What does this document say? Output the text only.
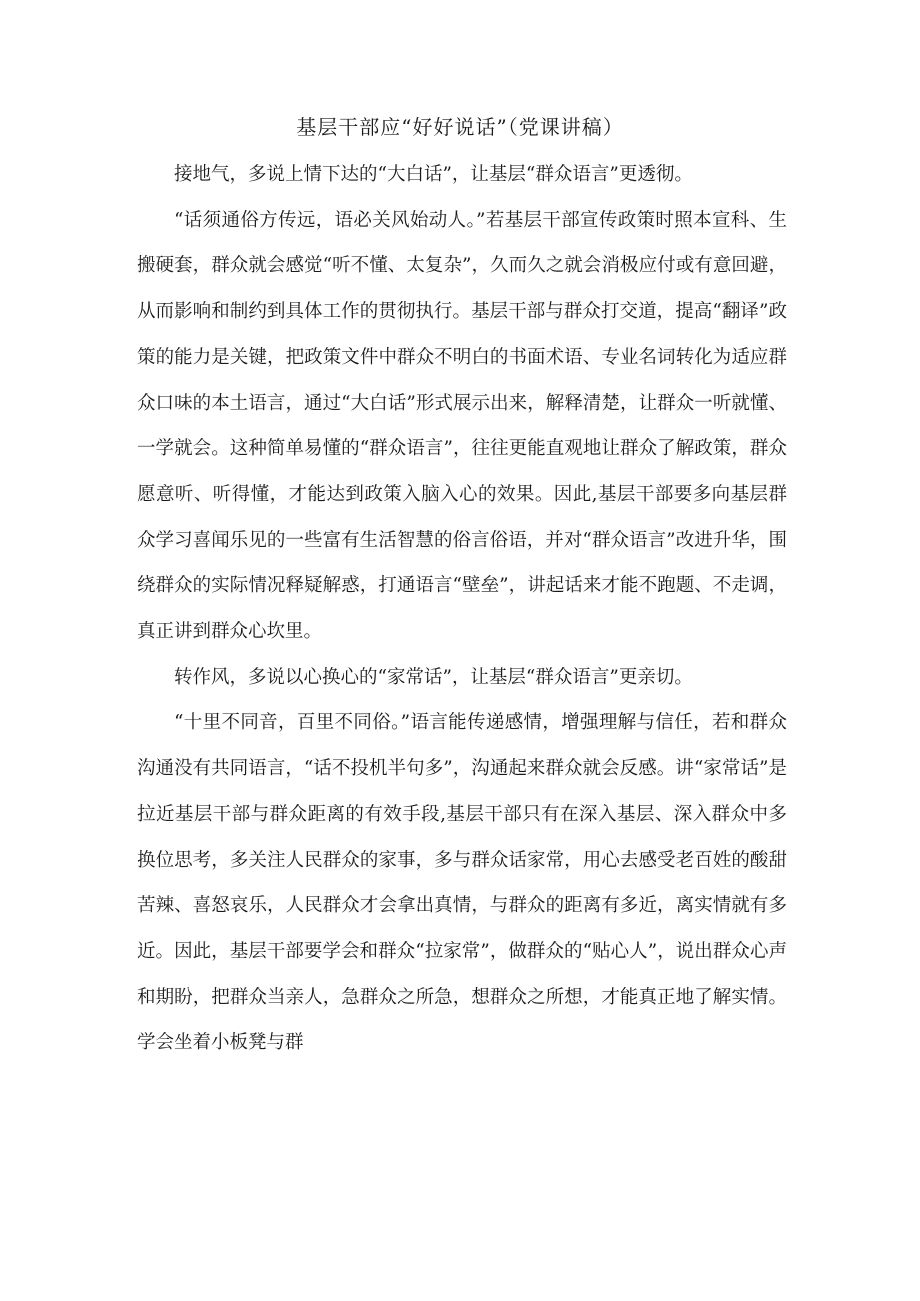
基层干部应“好好说话”（党课讲稿）

接地气，多说上情下达的“大白话”，让基层“群众语言”更透彻。

“话须通俗方传远，语必关风始动人。”若基层干部宣传政策时照本宣科、生搬硬套，群众就会感觉“听不懂、太复杂”，久而久之就会消极应付或有意回避，从而影响和制约到具体工作的贯彻执行。基层干部与群众打交道，提高“翻译”政策的能力是关键，把政策文件中群众不明白的书面术语、专业名词转化为适应群众口味的本土语言，通过“大白话”形式展示出来，解释清楚，让群众一听就懂、一学就会。这种简单易懂的“群众语言”，往往更能直观地让群众了解政策，群众愿意听、听得懂，才能达到政策入脑入心的效果。因此,基层干部要多向基层群众学习喜闻乐见的一些富有生活智慧的俗言俗语，并对“群众语言”改进升华，围绕群众的实际情况释疑解惑，打通语言“壁垒”，讲起话来才能不跑题、不走调，真正讲到群众心坎里。

转作风，多说以心换心的“家常话”，让基层“群众语言”更亲切。

“十里不同音，百里不同俗。”语言能传递感情，增强理解与信任，若和群众沟通没有共同语言，“话不投机半句多”，沟通起来群众就会反感。讲“家常话”是拉近基层干部与群众距离的有效手段,基层干部只有在深入基层、深入群众中多换位思考，多关注人民群众的家事，多与群众话家常，用心去感受老百姓的酸甜苦辣、喜怒哀乐，人民群众才会拿出真情，与群众的距离有多近，离实情就有多近。因此，基层干部要学会和群众“拉家常”，做群众的“贴心人”，说出群众心声和期盼，把群众当亲人，急群众之所急，想群众之所想，才能真正地了解实情。学会坐着小板凳与群
